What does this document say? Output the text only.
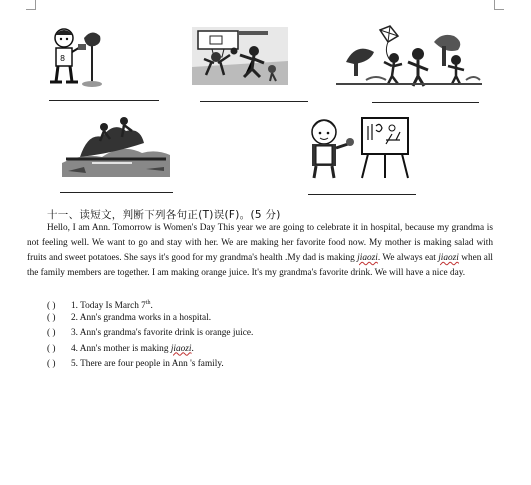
8
十一、读短文，判断下列各句正(T)误(F)。(5 分)

Hello, I am Ann. Tomorrow is Women's Day This year we are going to celebrate it in hospital, because my grandma is not feeling well. We want to go and stay with her. We are making her favorite food now. My mother is making salad with fruits and sweet potatoes. She says it's good for my grandma's health .My dad is making jiaozi. We always eat jiaozi when all the family members are together. I am making orange juice. It's my grandma's favorite drink. We will have a nice day.

( ) 1. Today Is March 7th.
( ) 2. Ann's grandma works in a hospital.
( ) 3. Ann's grandma's favorite drink is orange juice.
( ) 4. Ann's mother is making jiaozi.
( ) 5. There are four people in Ann 's family.
